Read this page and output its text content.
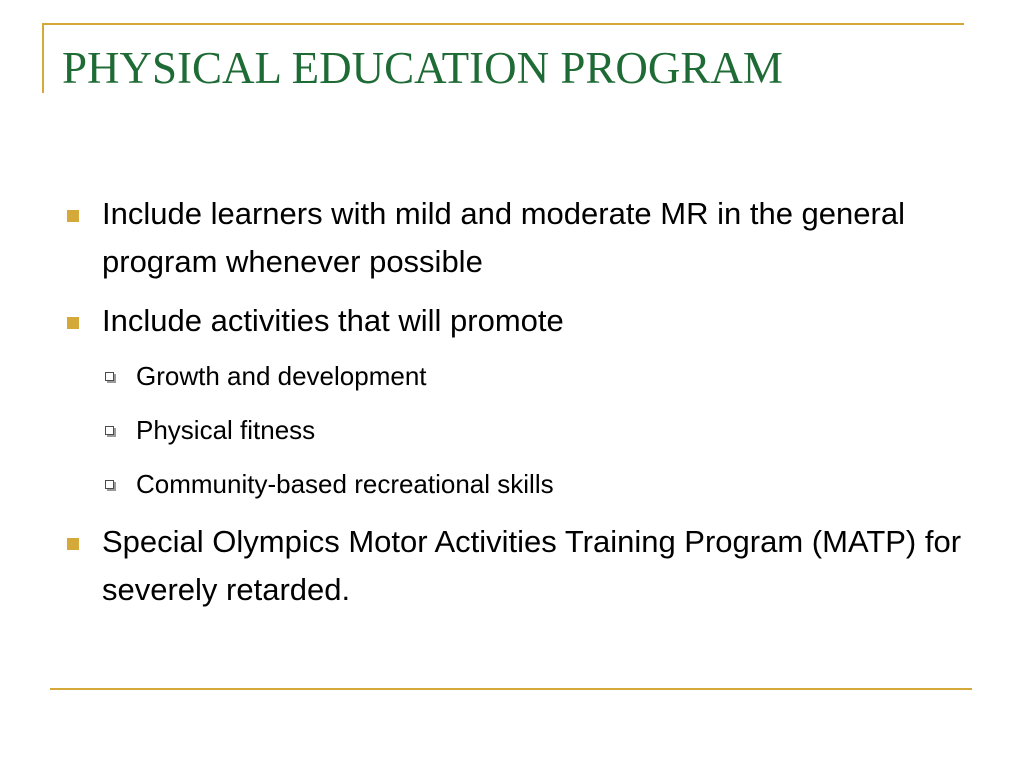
PHYSICAL EDUCATION PROGRAM
Include learners with mild and moderate MR in the general program whenever possible
Include activities that will promote
Growth and development
Physical fitness
Community-based recreational skills
Special Olympics Motor Activities Training Program (MATP) for severely retarded.
